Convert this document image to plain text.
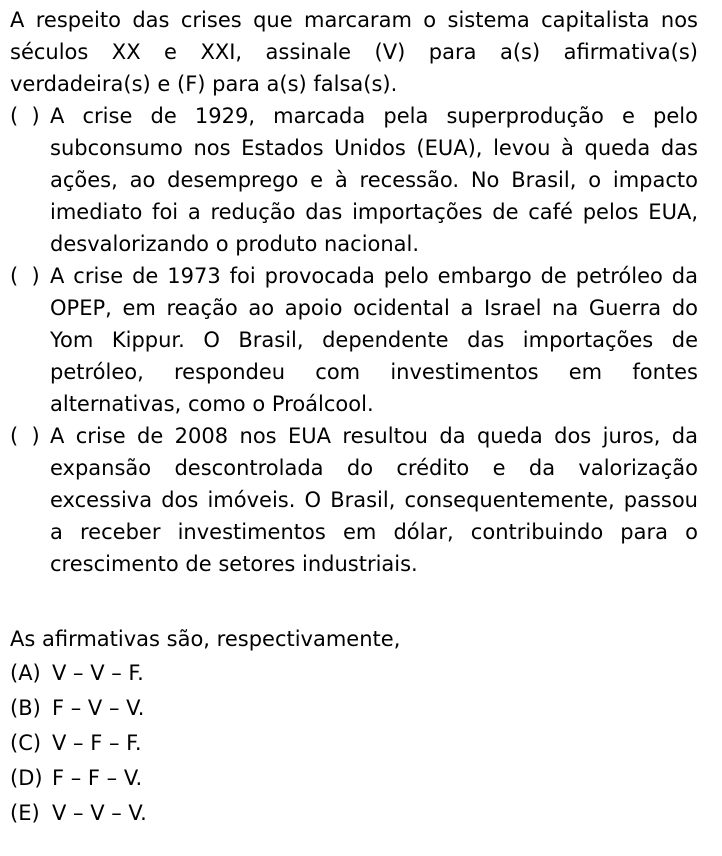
A respeito das crises que marcaram o sistema capitalista nos séculos XX e XXI, assinale (V) para a(s) afirmativa(s) verdadeira(s) e (F) para a(s) falsa(s).

(  ) A crise de 1929, marcada pela superprodução e pelo subconsumo nos Estados Unidos (EUA), levou à queda das ações, ao desemprego e à recessão. No Brasil, o impacto imediato foi a redução das importações de café pelos EUA, desvalorizando o produto nacional.

(  ) A crise de 1973 foi provocada pelo embargo de petróleo da OPEP, em reação ao apoio ocidental a Israel na Guerra do Yom Kippur. O Brasil, dependente das importações de petróleo, respondeu com investimentos em fontes alternativas, como o Proálcool.

(  ) A crise de 2008 nos EUA resultou da queda dos juros, da expansão descontrolada do crédito e da valorização excessiva dos imóveis. O Brasil, consequentemente, passou a receber investimentos em dólar, contribuindo para o crescimento de setores industriais.

As afirmativas são, respectivamente,

(A) V – V – F.
(B) F – V – V.
(C) V – F – F.
(D) F – F – V.
(E) V – V – V.
